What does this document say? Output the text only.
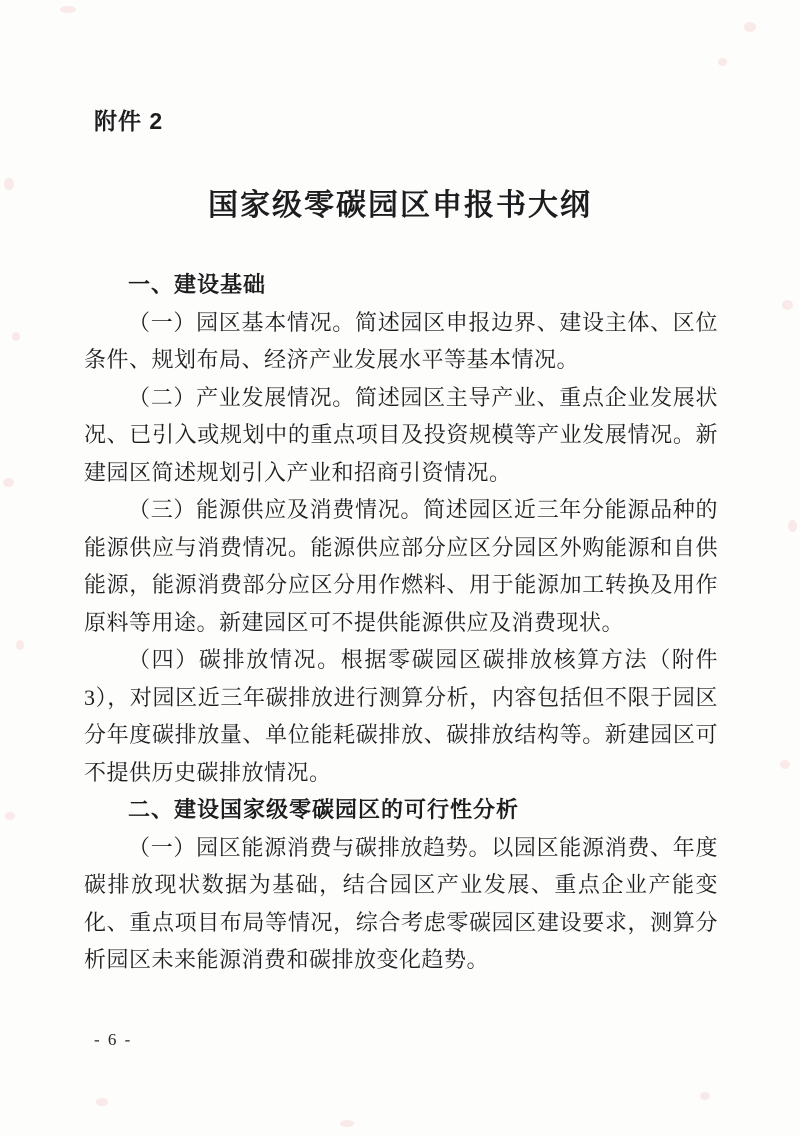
附件 2
国家级零碳园区申报书大纲

一、建设基础

（一）园区基本情况。简述园区申报边界、建设主体、区位条件、规划布局、经济产业发展水平等基本情况。

（二）产业发展情况。简述园区主导产业、重点企业发展状况、已引入或规划中的重点项目及投资规模等产业发展情况。新建园区简述规划引入产业和招商引资情况。

（三）能源供应及消费情况。简述园区近三年分能源品种的能源供应与消费情况。能源供应部分应区分园区外购能源和自供能源，能源消费部分应区分用作燃料、用于能源加工转换及用作原料等用途。新建园区可不提供能源供应及消费现状。

（四）碳排放情况。根据零碳园区碳排放核算方法（附件 3），对园区近三年碳排放进行测算分析，内容包括但不限于园区分年度碳排放量、单位能耗碳排放、碳排放结构等。新建园区可不提供历史碳排放情况。

二、建设国家级零碳园区的可行性分析

（一）园区能源消费与碳排放趋势。以园区能源消费、年度碳排放现状数据为基础，结合园区产业发展、重点企业产能变化、重点项目布局等情况，综合考虑零碳园区建设要求，测算分析园区未来能源消费和碳排放变化趋势。

- 6 -
